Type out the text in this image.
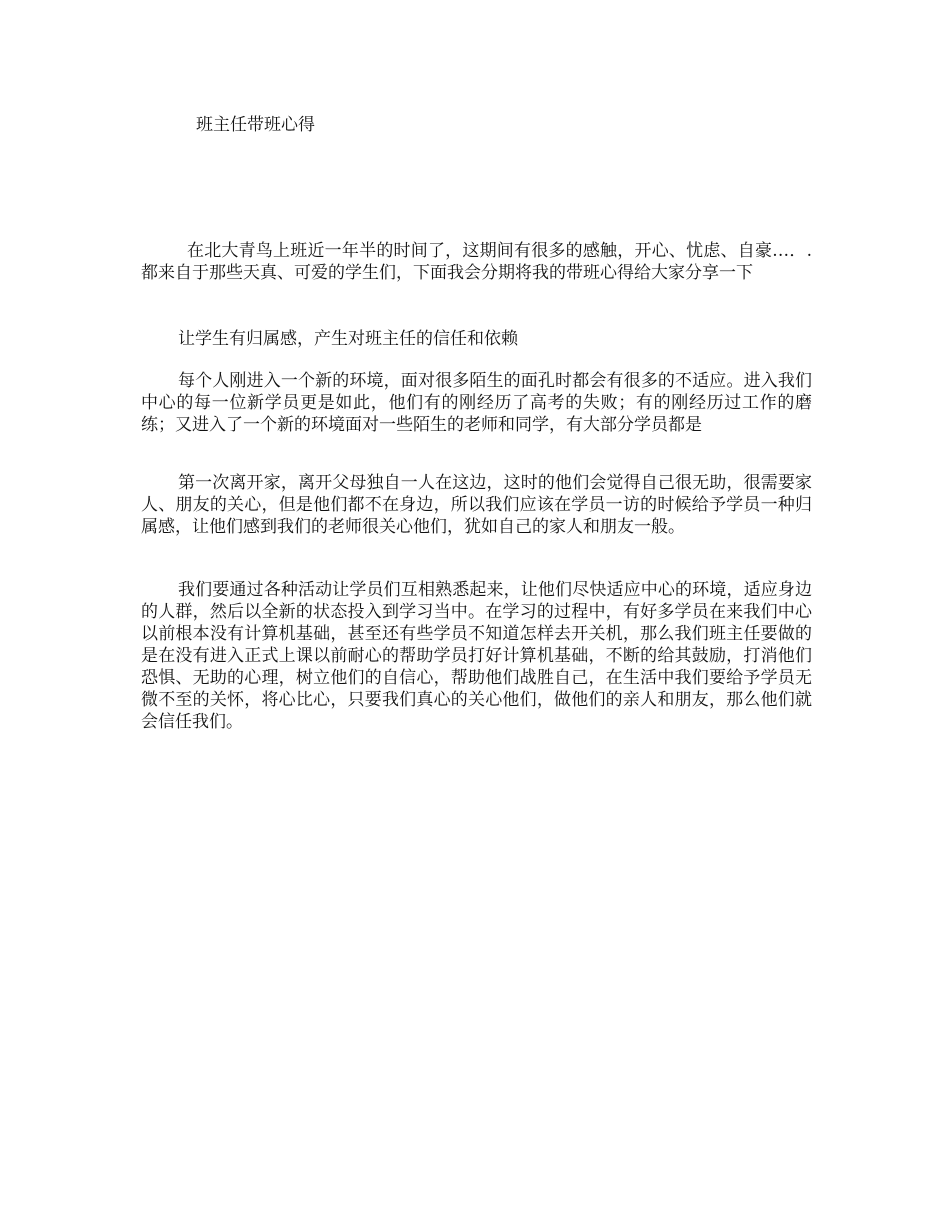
班主任带班心得

在北大青鸟上班近一年半的时间了，这期间有很多的感触，开心、忧虑、自豪…．. 都来自于那些天真、可爱的学生们，下面我会分期将我的带班心得给大家分享一下

让学生有归属感，产生对班主任的信任和依赖

每个人刚进入一个新的环境，面对很多陌生的面孔时都会有很多的不适应。进入我们中心的每一位新学员更是如此，他们有的刚经历了高考的失败；有的刚经历过工作的磨练；又进入了一个新的环境面对一些陌生的老师和同学，有大部分学员都是

第一次离开家，离开父母独自一人在这边，这时的他们会觉得自己很无助，很需要家人、朋友的关心，但是他们都不在身边，所以我们应该在学员一访的时候给予学员一种归属感，让他们感到我们的老师很关心他们，犹如自己的家人和朋友一般。

我们要通过各种活动让学员们互相熟悉起来，让他们尽快适应中心的环境，适应身边的人群，然后以全新的状态投入到学习当中。在学习的过程中，有好多学员在来我们中心以前根本没有计算机基础，甚至还有些学员不知道怎样去开关机，那么我们班主任要做的是在没有进入正式上课以前耐心的帮助学员打好计算机基础，不断的给其鼓励，打消他们恐惧、无助的心理，树立他们的自信心，帮助他们战胜自己，在生活中我们要给予学员无微不至的关怀，将心比心，只要我们真心的关心他们，做他们的亲人和朋友，那么他们就会信任我们。
